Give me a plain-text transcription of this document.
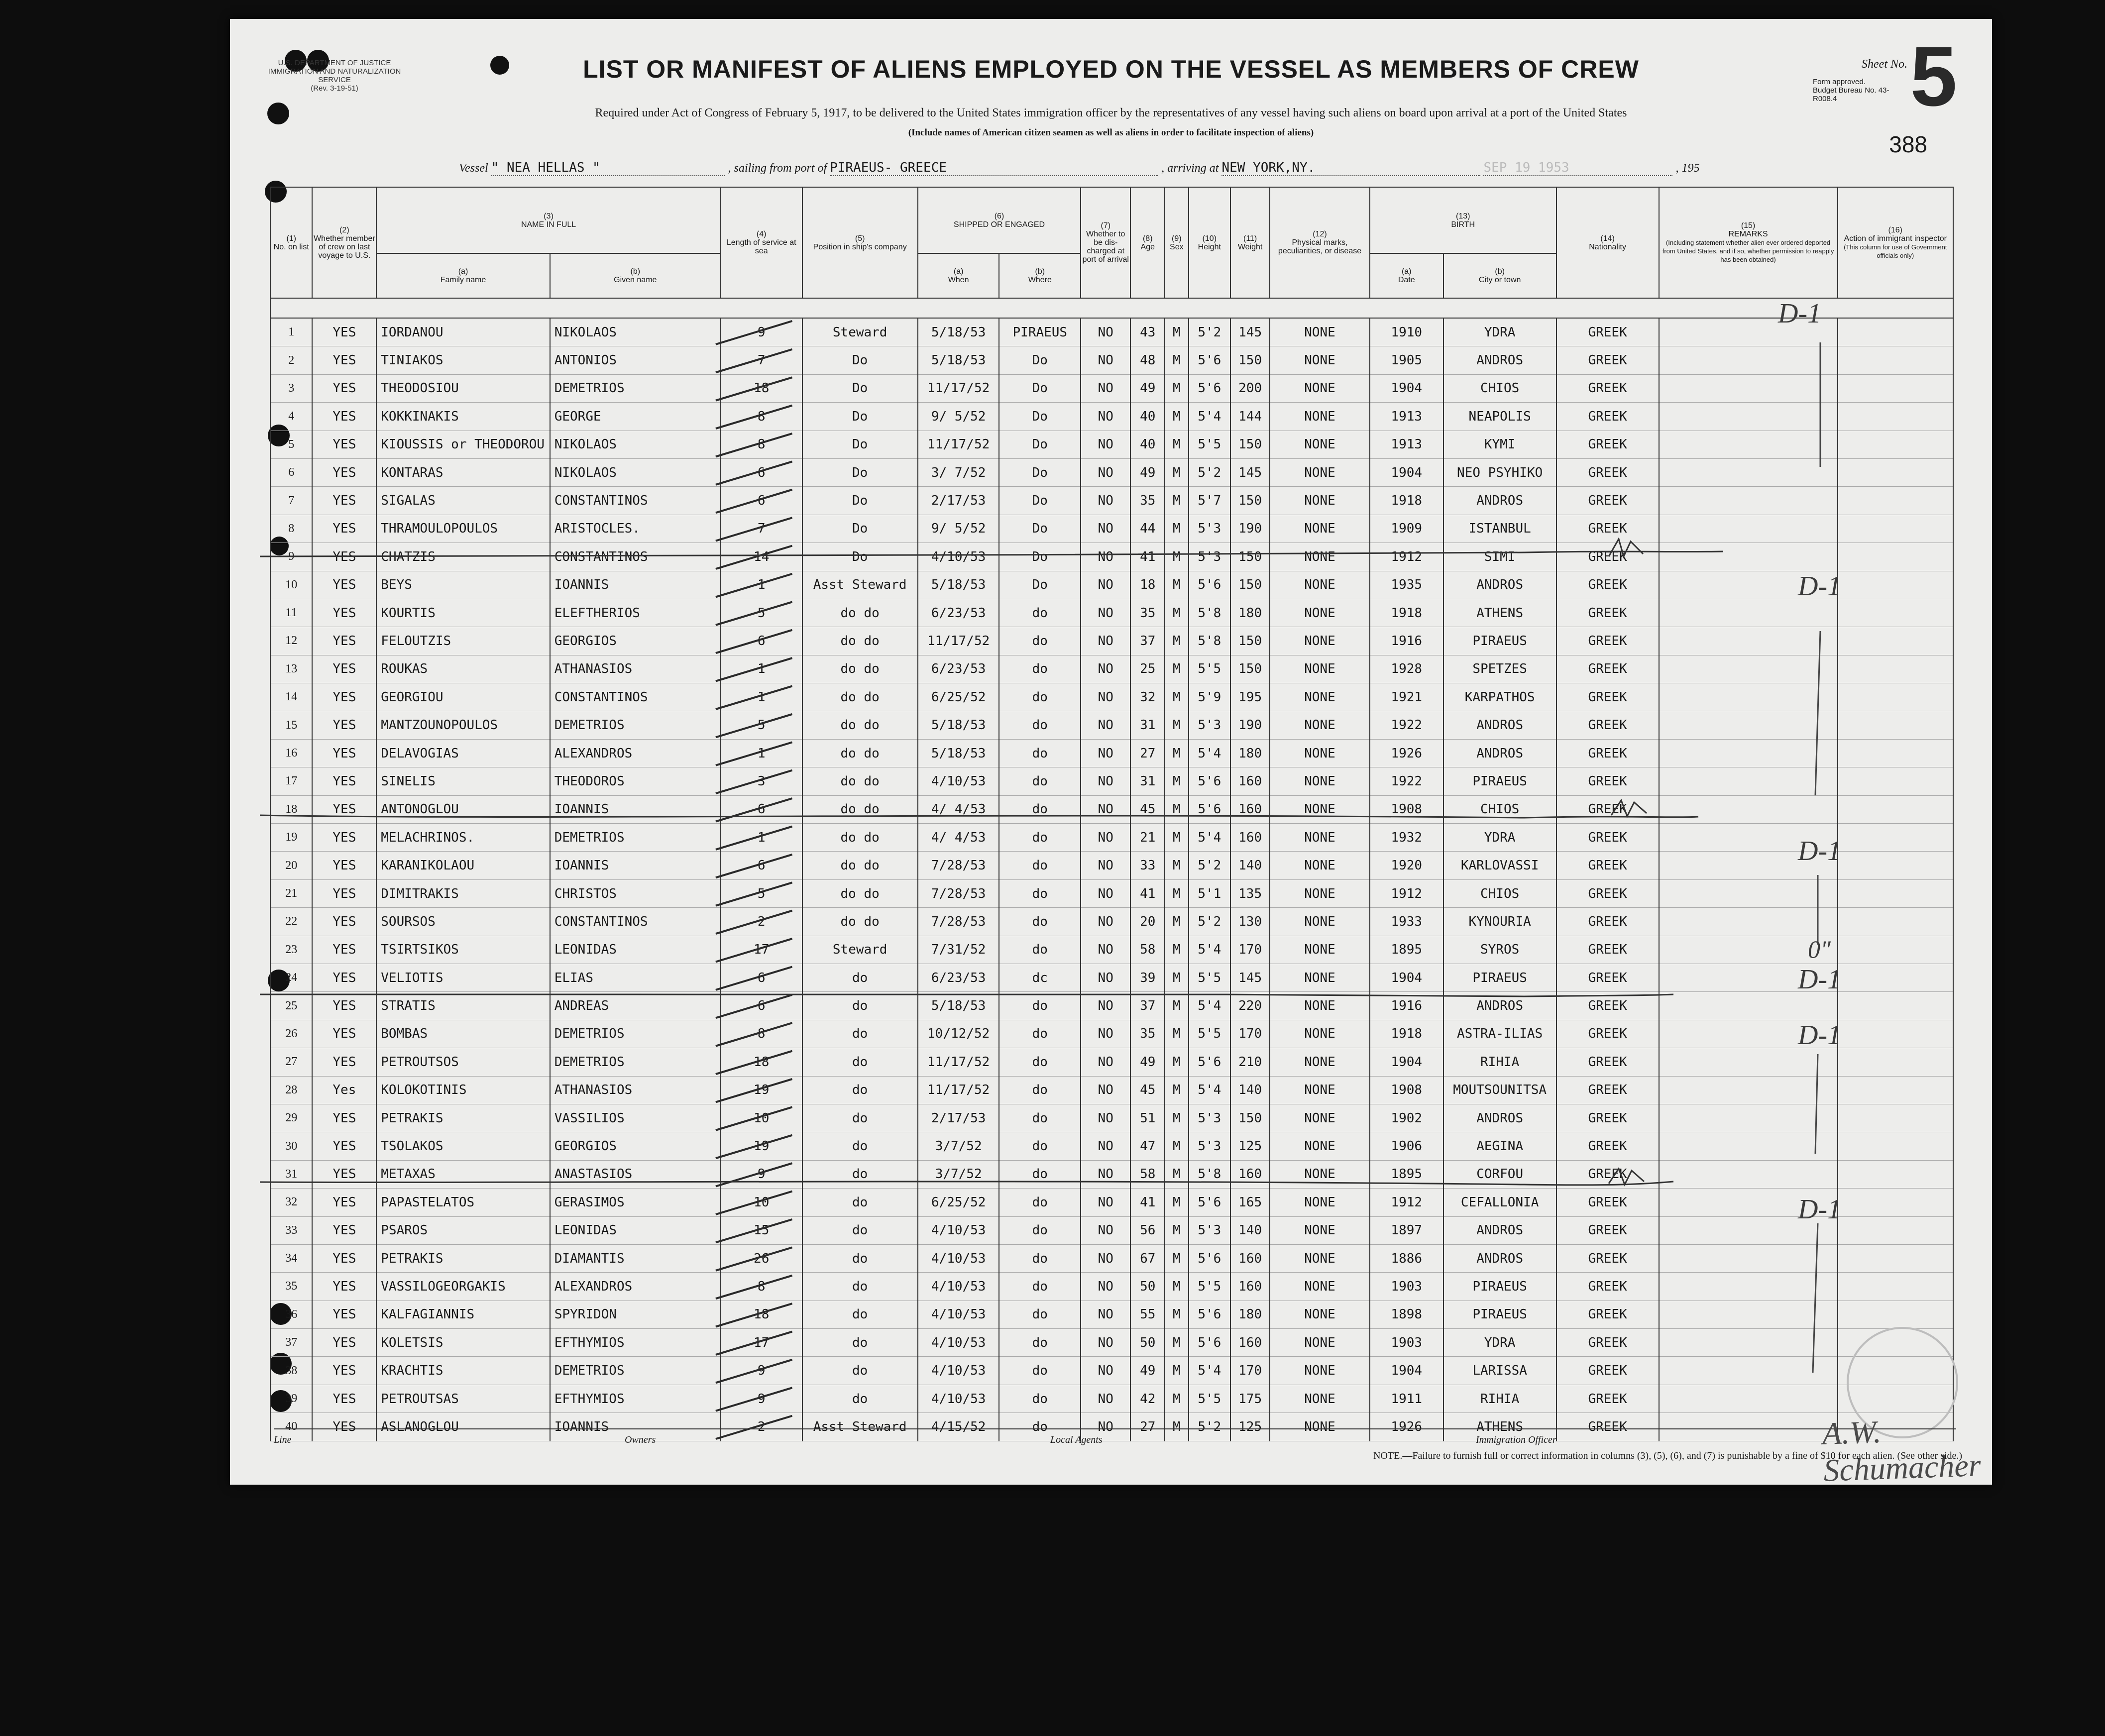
U.S. DEPARTMENT OF JUSTICE
IMMIGRATION AND NATURALIZATION SERVICE
(Rev. 3-19-51)
LIST OR MANIFEST OF ALIENS EMPLOYED ON THE VESSEL AS MEMBERS OF CREW	Sheet No. 5
Form approved.
Budget Bureau No. 43-R008.4
388
Required under Act of Congress of February 5, 1917, to be delivered to the United States immigration officer by the representatives of any vessel having such aliens on board upon arrival at a port of the United States
(Include names of American citizen seamen as well as aliens in order to facilitate inspection of aliens)
Vessel " NEA HELLAS "	, sailing from port of PIRAEUS- GREECE	, arriving at NEW YORK,NY.	SEP 19 1953	, 195
(1)
No. on list	(2)
Whether member of crew on last voyage to U.S.	(3)
NAME IN FULL		(4)
Length of service at sea	(5)
Position in ship's company	(6)
SHIPPED OR ENGAGED		(7)
Whether to be dis-charged at port of arrival	(8)
Age	(9)
Sex	(10)
Height	(11)
Weight	(12)
Physical marks, peculiarities, or disease	(13)
BIRTH		(14)
Nationality	(15)
REMARKS
(Including statement whether alien ever ordered deported from United States, and if so, whether permission to reapply has been obtained)	(16)
Action of immigrant inspector
(This column for use of Government officials only)

		(a)
Family name	(b)
Given name			(a)
When	(b)
Where							(a)
Date	(b)
City or town			

1	YES	IORDANOU	NIKOLAOS	9	Steward	5/18/53	PIRAEUS	NO	43	M	5'2	145	NONE	1910	YDRA	GREEK		
2	YES	TINIAKOS	ANTONIOS	7	Do	5/18/53	Do	NO	48	M	5'6	150	NONE	1905	ANDROS	GREEK		
3	YES	THEODOSIOU	DEMETRIOS	18	Do	11/17/52	Do	NO	49	M	5'6	200	NONE	1904	CHIOS	GREEK		
4	YES	KOKKINAKIS	GEORGE	8	Do	9/ 5/52	Do	NO	40	M	5'4	144	NONE	1913	NEAPOLIS	GREEK		
5	YES	KIOUSSIS or THEODOROU	NIKOLAOS	8	Do	11/17/52	Do	NO	40	M	5'5	150	NONE	1913	KYMI	GREEK		
6	YES	KONTARAS	NIKOLAOS	6	Do	3/ 7/52	Do	NO	49	M	5'2	145	NONE	1904	NEO PSYHIKO	GREEK		
7	YES	SIGALAS	CONSTANTINOS	6	Do	2/17/53	Do	NO	35	M	5'7	150	NONE	1918	ANDROS	GREEK		
8	YES	THRAMOULOPOULOS	ARISTOCLES.	7	Do	9/ 5/52	Do	NO	44	M	5'3	190	NONE	1909	ISTANBUL	GREEK		
9	YES	CHATZIS	CONSTANTINOS	14	Do	4/10/53	Do	NO	41	M	5'3	150	NONE	1912	SIMI	GREEK		
10	YES	BEYS	IOANNIS	1	Asst Steward	5/18/53	Do	NO	18	M	5'6	150	NONE	1935	ANDROS	GREEK		
11	YES	KOURTIS	ELEFTHERIOS	5	do do	6/23/53	do	NO	35	M	5'8	180	NONE	1918	ATHENS	GREEK		
12	YES	FELOUTZIS	GEORGIOS	6	do do	11/17/52	do	NO	37	M	5'8	150	NONE	1916	PIRAEUS	GREEK		
13	YES	ROUKAS	ATHANASIOS	1	do do	6/23/53	do	NO	25	M	5'5	150	NONE	1928	SPETZES	GREEK		
14	YES	GEORGIOU	CONSTANTINOS	1	do do	6/25/52	do	NO	32	M	5'9	195	NONE	1921	KARPATHOS	GREEK		
15	YES	MANTZOUNOPOULOS	DEMETRIOS	5	do do	5/18/53	do	NO	31	M	5'3	190	NONE	1922	ANDROS	GREEK		
16	YES	DELAVOGIAS	ALEXANDROS	1	do do	5/18/53	do	NO	27	M	5'4	180	NONE	1926	ANDROS	GREEK		
17	YES	SINELIS	THEODOROS	3	do do	4/10/53	do	NO	31	M	5'6	160	NONE	1922	PIRAEUS	GREEK		
18	YES	ANTONOGLOU	IOANNIS	6	do do	4/ 4/53	do	NO	45	M	5'6	160	NONE	1908	CHIOS	GREEK		
19	YES	MELACHRINOS.	DEMETRIOS	1	do do	4/ 4/53	do	NO	21	M	5'4	160	NONE	1932	YDRA	GREEK		
20	YES	KARANIKOLAOU	IOANNIS	6	do do	7/28/53	do	NO	33	M	5'2	140	NONE	1920	KARLOVASSI	GREEK		
21	YES	DIMITRAKIS	CHRISTOS	5	do do	7/28/53	do	NO	41	M	5'1	135	NONE	1912	CHIOS	GREEK		
22	YES	SOURSOS	CONSTANTINOS	2	do do	7/28/53	do	NO	20	M	5'2	130	NONE	1933	KYNOURIA	GREEK		
23	YES	TSIRTSIKOS	LEONIDAS	17	Steward	7/31/52	do	NO	58	M	5'4	170	NONE	1895	SYROS	GREEK		
24	YES	VELIOTIS	ELIAS	6	do	6/23/53	dc	NO	39	M	5'5	145	NONE	1904	PIRAEUS	GREEK		
25	YES	STRATIS	ANDREAS	6	do	5/18/53	do	NO	37	M	5'4	220	NONE	1916	ANDROS	GREEK		
26	YES	BOMBAS	DEMETRIOS	8	do	10/12/52	do	NO	35	M	5'5	170	NONE	1918	ASTRA-ILIAS	GREEK		
27	YES	PETROUTSOS	DEMETRIOS	18	do	11/17/52	do	NO	49	M	5'6	210	NONE	1904	RIHIA	GREEK		
28	Yes	KOLOKOTINIS	ATHANASIOS	19	do	11/17/52	do	NO	45	M	5'4	140	NONE	1908	MOUTSOUNITSA	GREEK		
29	YES	PETRAKIS	VASSILIOS	10	do	2/17/53	do	NO	51	M	5'3	150	NONE	1902	ANDROS	GREEK		
30	YES	TSOLAKOS	GEORGIOS	19	do	3/7/52	do	NO	47	M	5'3	125	NONE	1906	AEGINA	GREEK		
31	YES	METAXAS	ANASTASIOS	9	do	3/7/52	do	NO	58	M	5'8	160	NONE	1895	CORFOU	GREEK		
32	YES	PAPASTELATOS	GERASIMOS	10	do	6/25/52	do	NO	41	M	5'6	165	NONE	1912	CEFALLONIA	GREEK		
33	YES	PSAROS	LEONIDAS	15	do	4/10/53	do	NO	56	M	5'3	140	NONE	1897	ANDROS	GREEK		
34	YES	PETRAKIS	DIAMANTIS	26	do	4/10/53	do	NO	67	M	5'6	160	NONE	1886	ANDROS	GREEK		
35	YES	VASSILOGEORGAKIS	ALEXANDROS	8	do	4/10/53	do	NO	50	M	5'5	160	NONE	1903	PIRAEUS	GREEK		
36	YES	KALFAGIANNIS	SPYRIDON	18	do	4/10/53	do	NO	55	M	5'6	180	NONE	1898	PIRAEUS	GREEK		
37	YES	KOLETSIS	EFTHYMIOS	17	do	4/10/53	do	NO	50	M	5'6	160	NONE	1903	YDRA	GREEK		
38	YES	KRACHTIS	DEMETRIOS	9	do	4/10/53	do	NO	49	M	5'4	170	NONE	1904	LARISSA	GREEK		
39	YES	PETROUTSAS	EFTHYMIOS	9	do	4/10/53	do	NO	42	M	5'5	175	NONE	1911	RIHIA	GREEK		
40	YES	ASLANOGLOU	IOANNIS	2	Asst Steward	4/15/52	do	NO	27	M	5'2	125	NONE	1926	ATHENS	GREEK		
D-1
D-1
D-1
0"
D-1
D-1
D-1
Line	Owners	Local Agents	Immigration Officer	A.W. Schumacher
NOTE.—Failure to furnish full or correct information in columns (3), (5), (6), and (7) is punishable by a fine of $10 for each alien. (See other side.)
